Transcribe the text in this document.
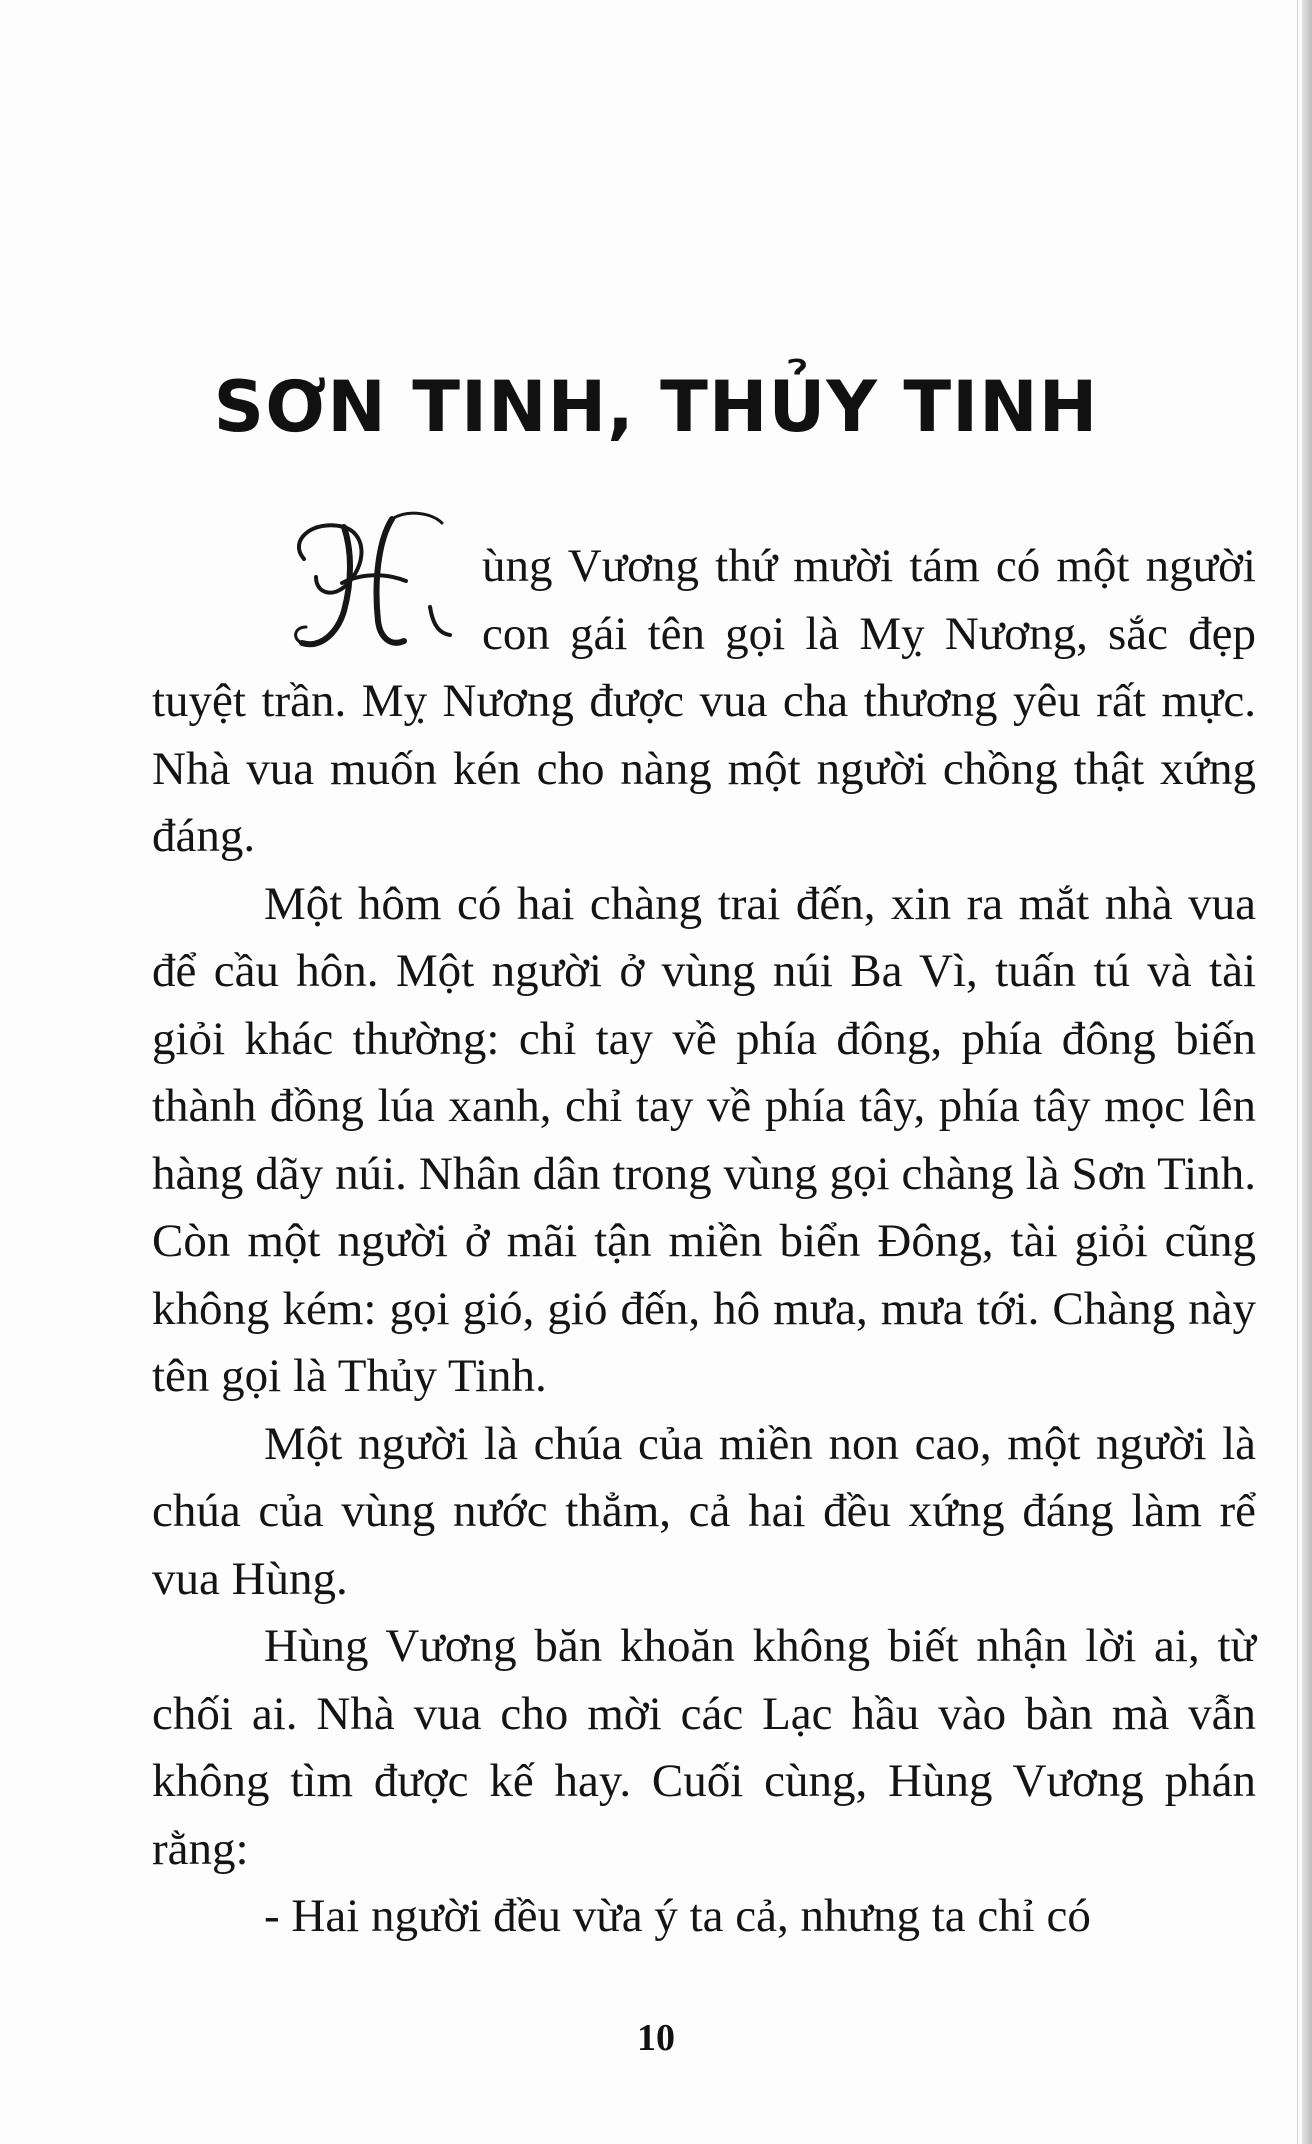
SƠN TINH, THỦY TINH

ùng Vương thứ mười tám có một người con gái tên gọi là Mỵ Nương, sắc đẹp tuyệt trần. Mỵ Nương được vua cha thương yêu rất mực. Nhà vua muốn kén cho nàng một người chồng thật xứng đáng.

Một hôm có hai chàng trai đến, xin ra mắt nhà vua để cầu hôn. Một người ở vùng núi Ba Vì, tuấn tú và tài giỏi khác thường: chỉ tay về phía đông, phía đông biến thành đồng lúa xanh, chỉ tay về phía tây, phía tây mọc lên hàng dãy núi. Nhân dân trong vùng gọi chàng là Sơn Tinh. Còn một người ở mãi tận miền biển Đông, tài giỏi cũng không kém: gọi gió, gió đến, hô mưa, mưa tới. Chàng này tên gọi là Thủy Tinh.

Một người là chúa của miền non cao, một người là chúa của vùng nước thẳm, cả hai đều xứng đáng làm rể vua Hùng.

Hùng Vương băn khoăn không biết nhận lời ai, từ chối ai. Nhà vua cho mời các Lạc hầu vào bàn mà vẫn không tìm được kế hay. Cuối cùng, Hùng Vương phán rằng:

- Hai người đều vừa ý ta cả, nhưng ta chỉ có

10
